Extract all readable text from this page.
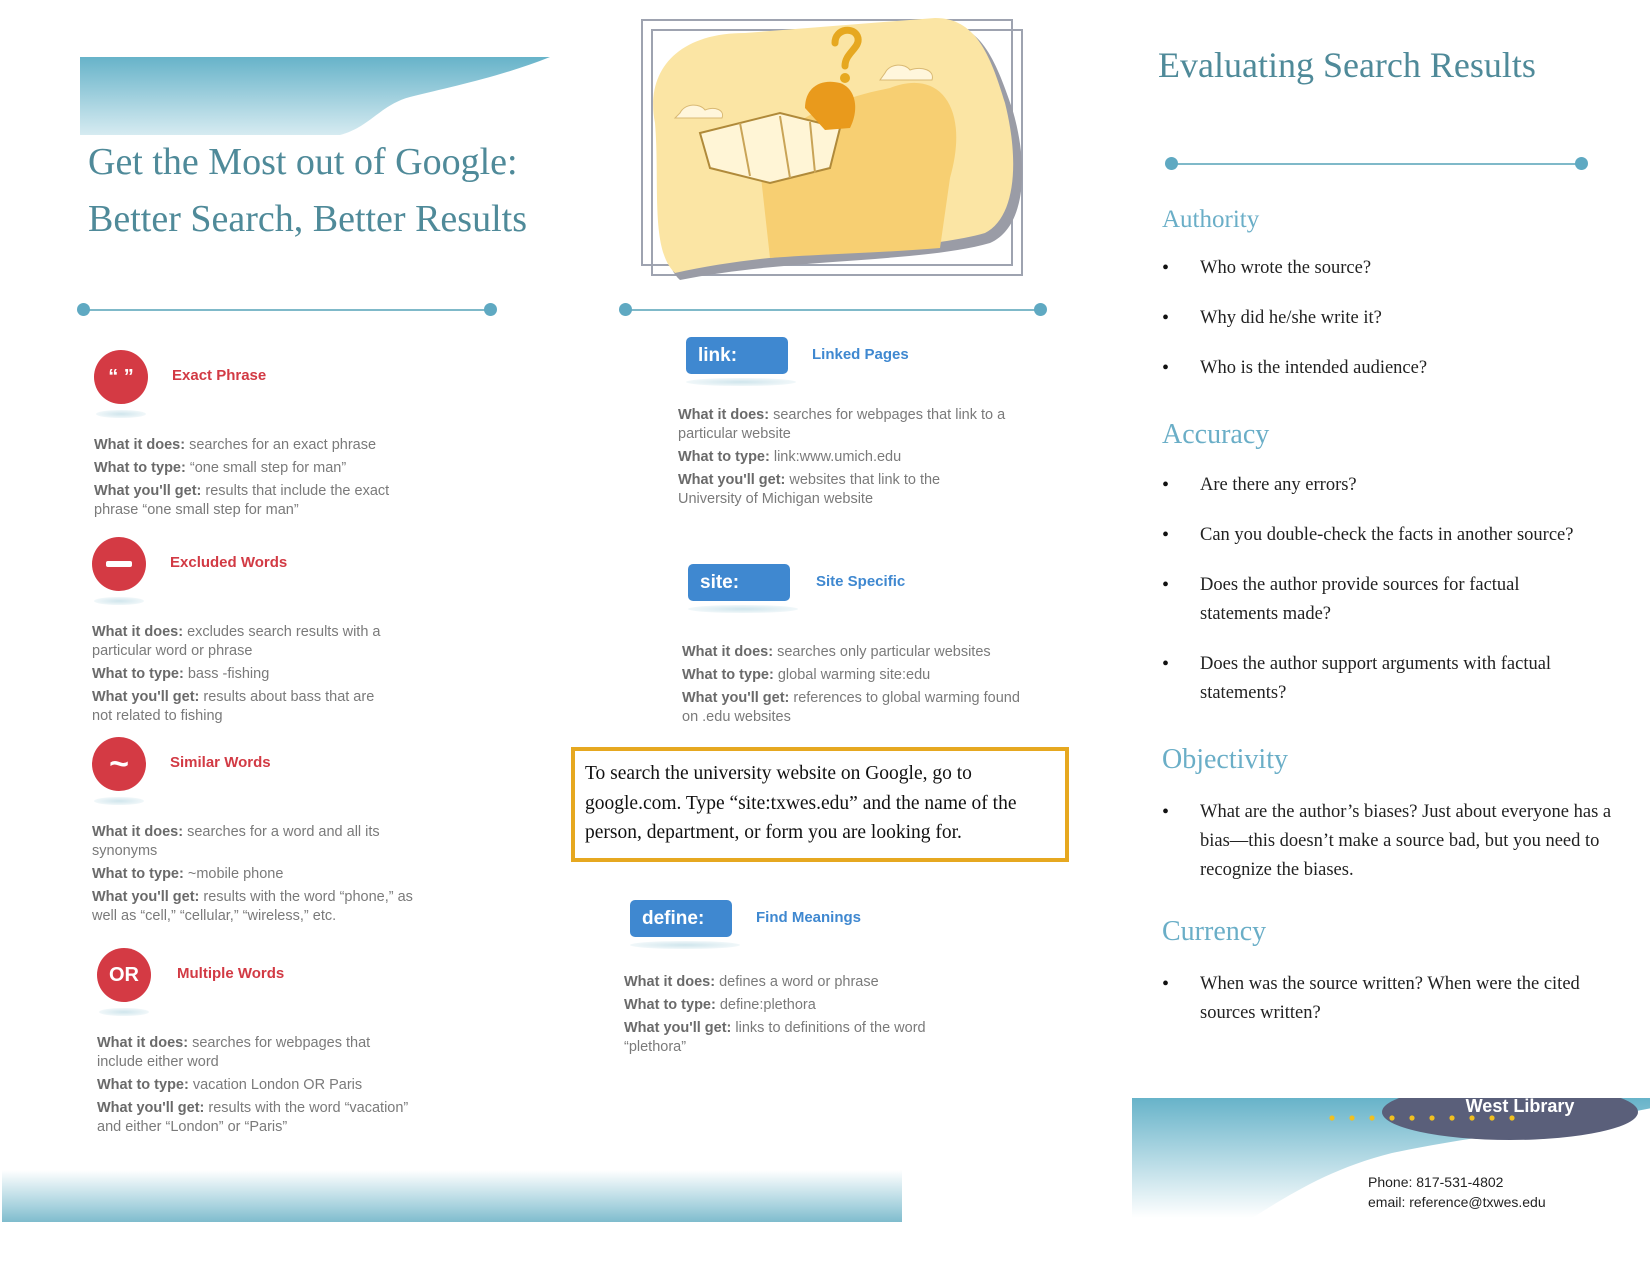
Get the Most out of Google: Better Search, Better Results
“ ”	Exact Phrase
What it does: searches for an exact phrase
What to type: “one small step for man”
What you'll get: results that include the exact phrase “one small step for man”
Excluded Words
What it does: excludes search results with a particular word or phrase
What to type: bass -fishing
What you'll get: results about bass that are not related to fishing
~	Similar Words
What it does: searches for a word and all its synonyms
What to type: ~mobile phone
What you'll get: results with the word “phone,” as well as “cell,” “cellular,” “wireless,” etc.
OR	Multiple Words
What it does: searches for webpages that include either word
What to type: vacation London OR Paris
What you'll get: results with the word “vacation” and either “London” or “Paris”
link:	Linked Pages
What it does: searches for webpages that link to a particular website
What to type: link:www.umich.edu
What you'll get: websites that link to the University of Michigan website
site:	Site Specific
What it does: searches only particular websites
What to type: global warming site:edu
What you'll get: references to global warming found on .edu websites
To search the university website on Google, go to google.com. Type “site:txwes.edu” and the name of the person, department, or form you are looking for.
define:	Find Meanings
What it does: defines a word or phrase
What to type: define:plethora
What you'll get: links to definitions of the word “plethora”
Evaluating Search Results
Authority
• Who wrote the source?
• Why did he/she write it?
• Who is the intended audience?
Accuracy
• Are there any errors?
• Can you double-check the facts in another source?
• Does the author provide sources for factual statements made?
• Does the author support arguments with factual statements?
Objectivity
• What are the author’s biases? Just about everyone has a bias—this doesn’t make a source bad, but you need to recognize the biases.
Currency
• When was the source written? When were the cited sources written?
West Library
Phone: 817-531-4802
email: reference@txwes.edu
